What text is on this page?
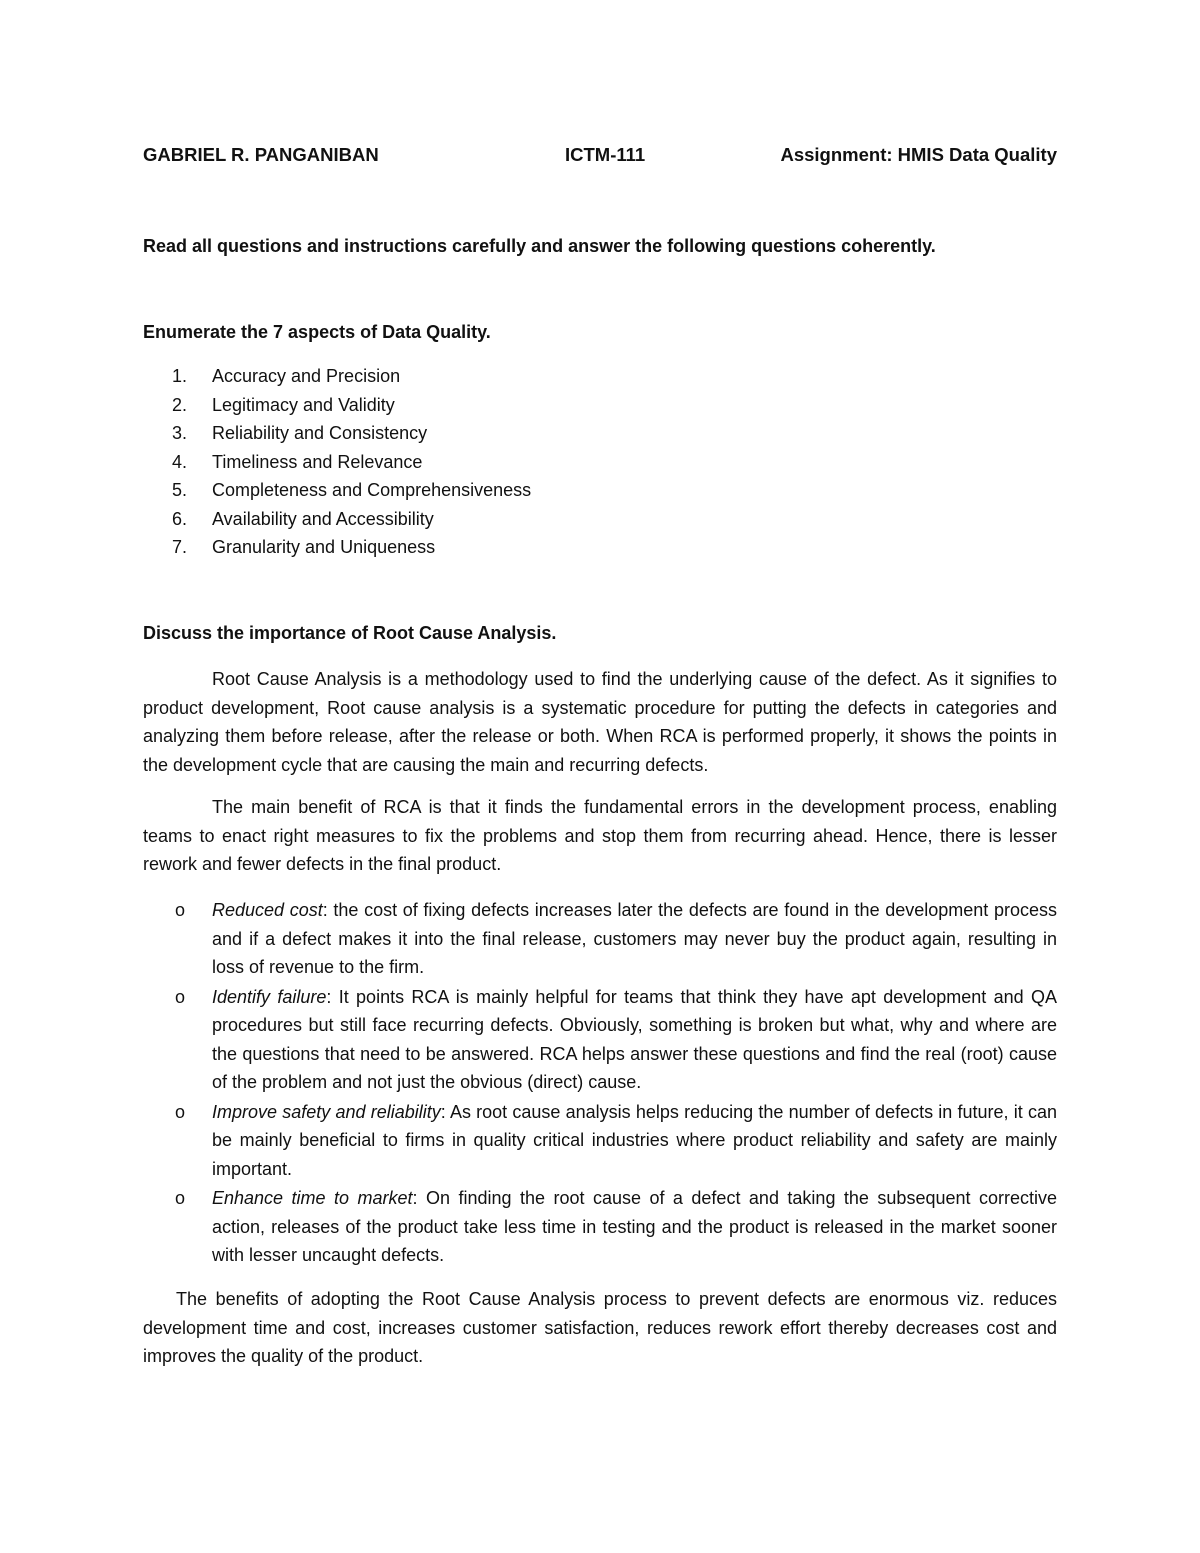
GABRIEL R. PANGANIBAN	ICTM-111	Assignment: HMIS Data Quality
Read all questions and instructions carefully and answer the following questions coherently.
Enumerate the 7 aspects of Data Quality.
1. Accuracy and Precision
2. Legitimacy and Validity
3. Reliability and Consistency
4. Timeliness and Relevance
5. Completeness and Comprehensiveness
6. Availability and Accessibility
7. Granularity and Uniqueness
Discuss the importance of Root Cause Analysis.

Root Cause Analysis is a methodology used to find the underlying cause of the defect. As it signifies to product development, Root cause analysis is a systematic procedure for putting the defects in categories and analyzing them before release, after the release or both. When RCA is performed properly, it shows the points in the development cycle that are causing the main and recurring defects.

The main benefit of RCA is that it finds the fundamental errors in the development process, enabling teams to enact right measures to fix the problems and stop them from recurring ahead. Hence, there is lesser rework and fewer defects in the final product.

o Reduced cost: the cost of fixing defects increases later the defects are found in the development process and if a defect makes it into the final release, customers may never buy the product again, resulting in loss of revenue to the firm.
o Identify failure: It points RCA is mainly helpful for teams that think they have apt development and QA procedures but still face recurring defects. Obviously, something is broken but what, why and where are the questions that need to be answered. RCA helps answer these questions and find the real (root) cause of the problem and not just the obvious (direct) cause.
o Improve safety and reliability: As root cause analysis helps reducing the number of defects in future, it can be mainly beneficial to firms in quality critical industries where product reliability and safety are mainly important.
o Enhance time to market: On finding the root cause of a defect and taking the subsequent corrective action, releases of the product take less time in testing and the product is released in the market sooner with lesser uncaught defects.

The benefits of adopting the Root Cause Analysis process to prevent defects are enormous viz. reduces development time and cost, increases customer satisfaction, reduces rework effort thereby decreases cost and improves the quality of the product.
